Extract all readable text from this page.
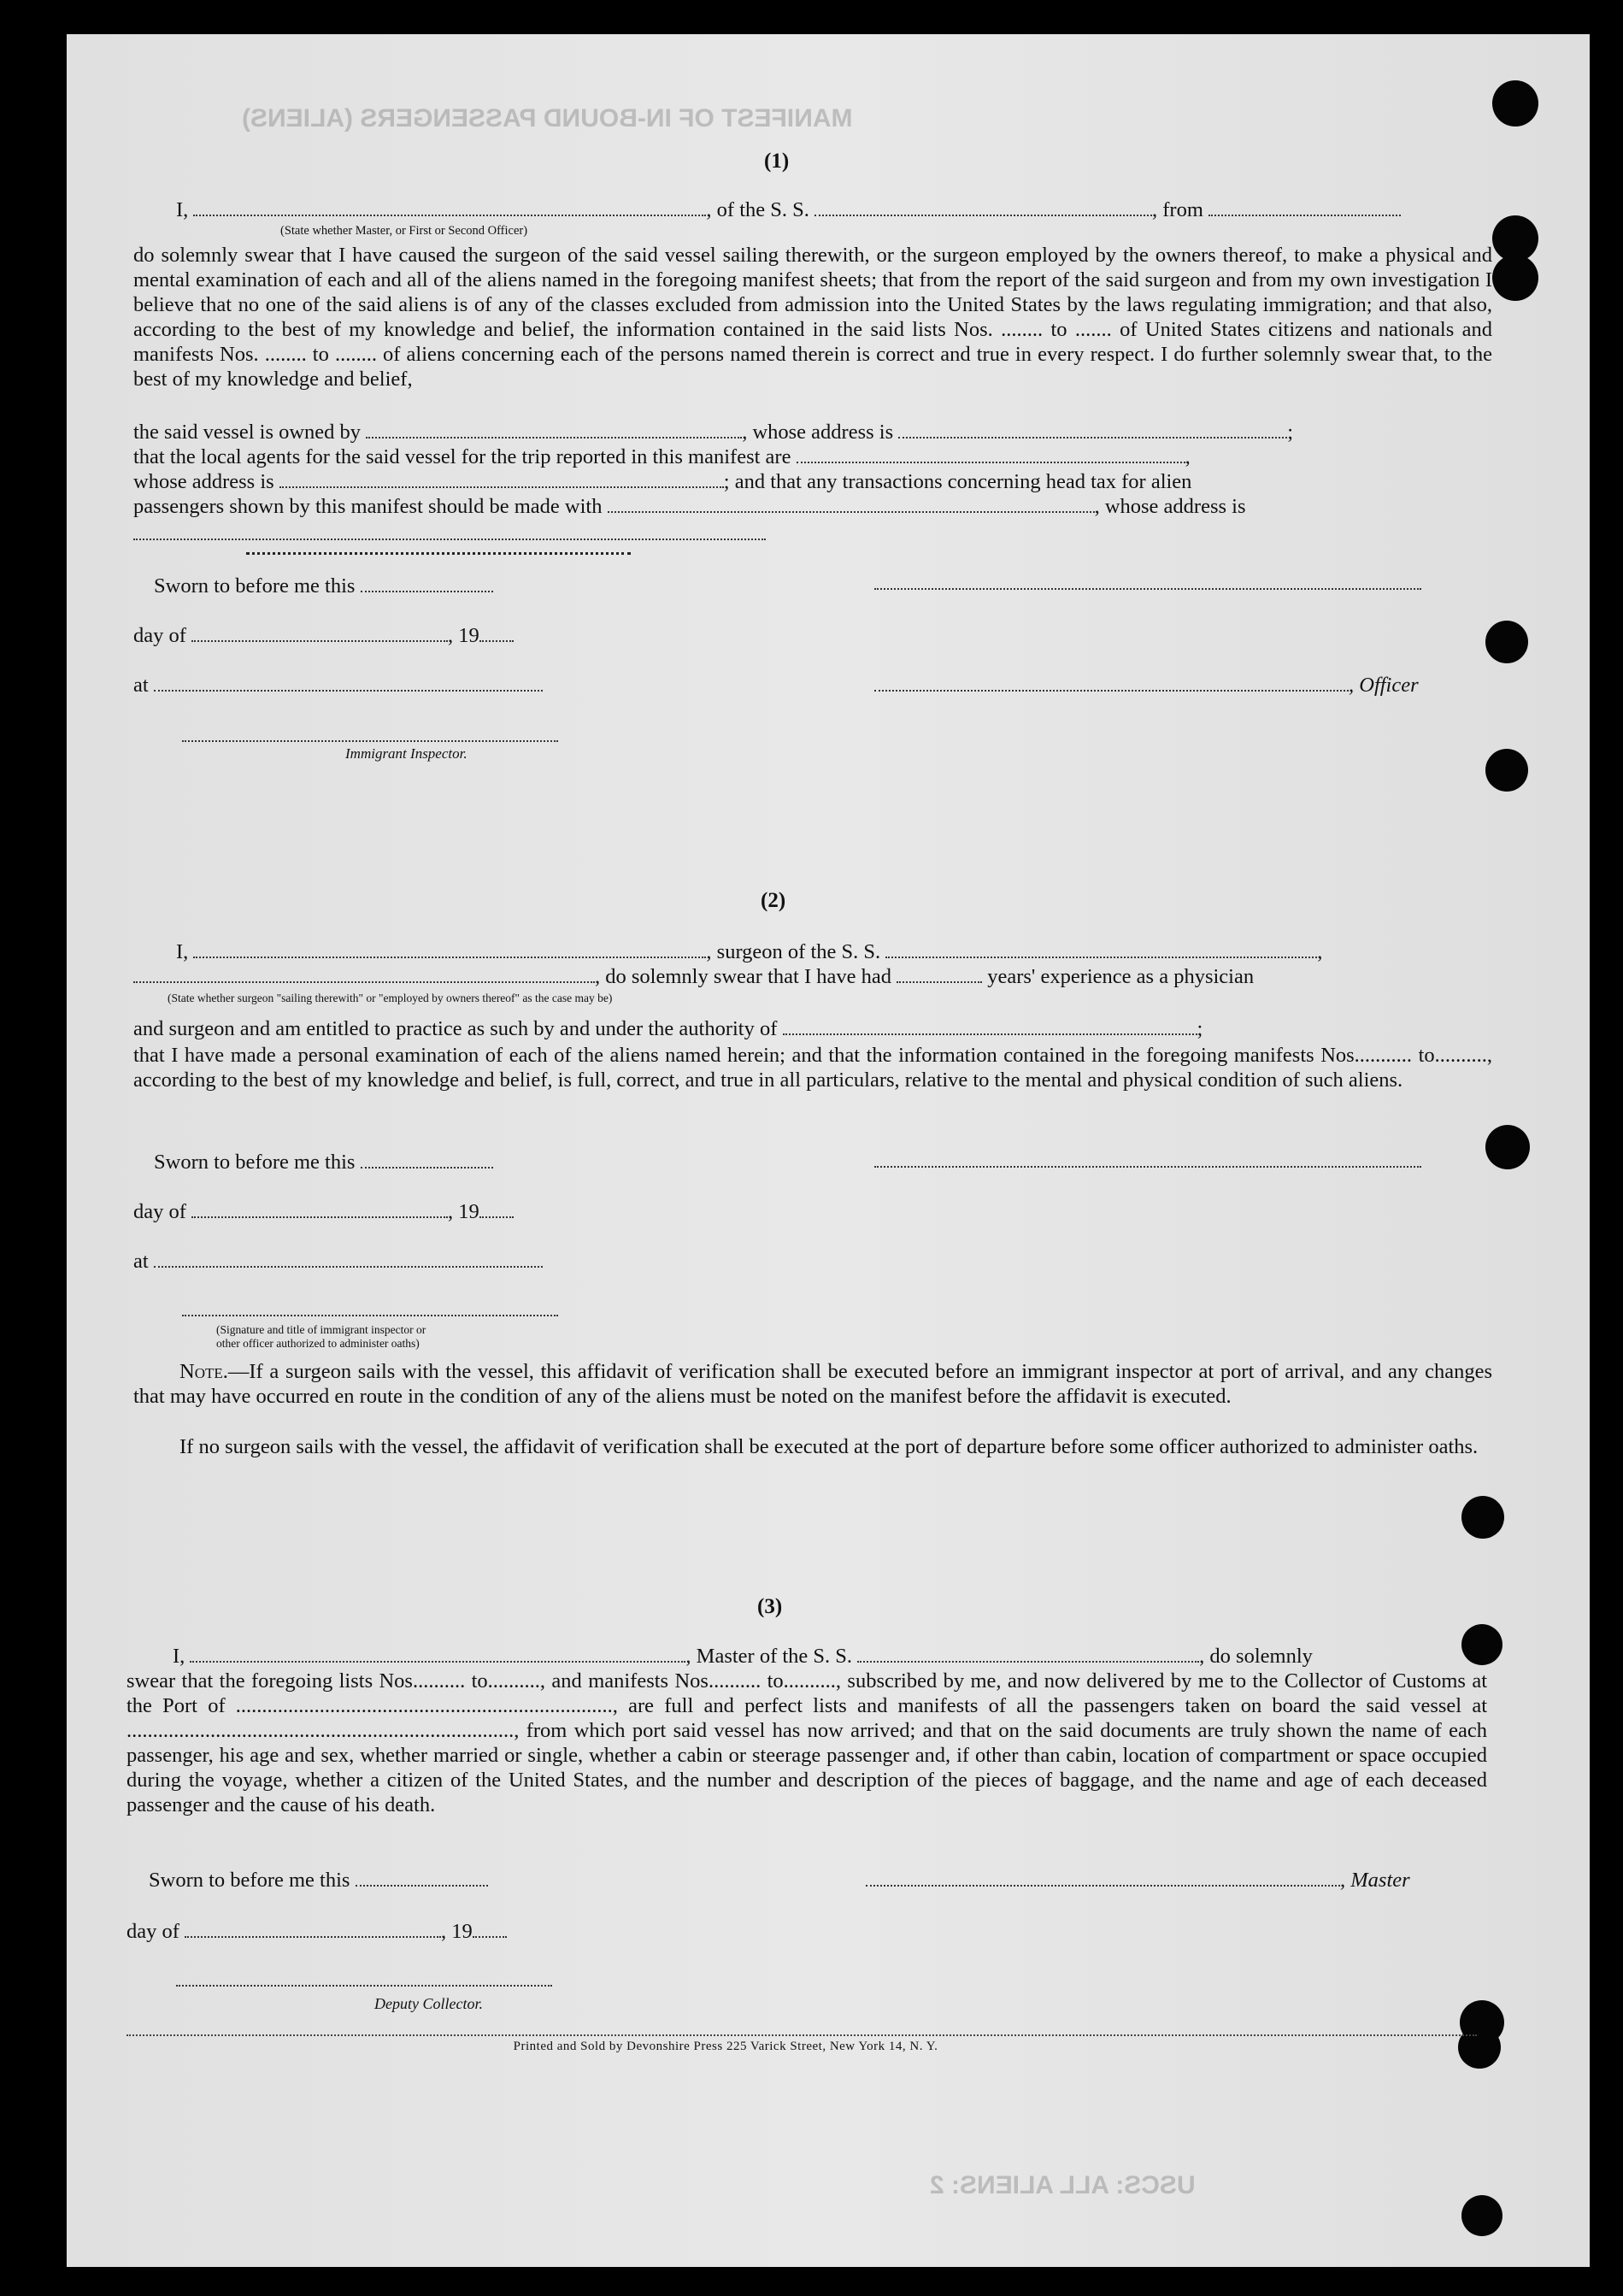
MANIFEST OF IN-BOUND PASSENGERS (ALIENS)
USCS: ALL ALIENS: 2
(1)
I,	, of the S. S.	, from
(State whether Master, or First or Second Officer)
do solemnly swear that I have caused the surgeon of the said vessel sailing therewith, or the surgeon employed by the owners thereof, to make a physical and mental examination of each and all of the aliens named in the foregoing manifest sheets; that from the report of the said surgeon and from my own investigation I believe that no one of the said aliens is of any of the classes excluded from admission into the United States by the laws regulating immigration; and that also, according to the best of my knowledge and belief, the information contained in the said lists Nos. ........ to ....... of United States citizens and nationals and manifests Nos. ........ to ........ of aliens concerning each of the persons named therein is correct and true in every respect. I do further solemnly swear that, to the best of my knowledge and belief,
the said vessel is owned by	, whose address is	;
that the local agents for the said vessel for the trip reported in this manifest are	,
whose address is	; and that any transactions concerning head tax for alien
passengers shown by this manifest should be made with	, whose address is
Sworn to before me this
day of	, 19
at	, Officer
Immigrant Inspector.
(2)
I,	, surgeon of the S. S.	,
, do solemnly swear that I have had	years' experience as a physician
(State whether surgeon "sailing therewith" or "employed by owners thereof" as the case may be)
and surgeon and am entitled to practice as such by and under the authority of	;
that I have made a personal examination of each of the aliens named herein; and that the information contained in the foregoing manifests Nos........... to.........., according to the best of my knowledge and belief, is full, correct, and true in all particulars, relative to the mental and physical condition of such aliens.
Sworn to before me this
day of	, 19
at
(Signature and title of immigrant inspector or
other officer authorized to administer oaths)
Note.—If a surgeon sails with the vessel, this affidavit of verification shall be executed before an immigrant inspector at port of arrival, and any changes that may have occurred en route in the condition of any of the aliens must be noted on the manifest before the affidavit is executed.
If no surgeon sails with the vessel, the affidavit of verification shall be executed at the port of departure before some officer authorized to administer oaths.
(3)
I,	, Master of the S. S.	, do solemnly
swear that the foregoing lists Nos.......... to.........., and manifests Nos.......... to.........., subscribed by me, and now delivered by me to the Collector of Customs at the Port of ........................................................................, are full and perfect lists and manifests of all the passengers taken on board the said vessel at .........................................................................., from which port said vessel has now arrived; and that on the said documents are truly shown the name of each passenger, his age and sex, whether married or single, whether a cabin or steerage passenger and, if other than cabin, location of compartment or space occupied during the voyage, whether a citizen of the United States, and the number and description of the pieces of baggage, and the name and age of each deceased passenger and the cause of his death.
Sworn to before me this	, Master
day of	, 19
Deputy Collector.
Printed and Sold by Devonshire Press 225 Varick Street, New York 14, N. Y.
